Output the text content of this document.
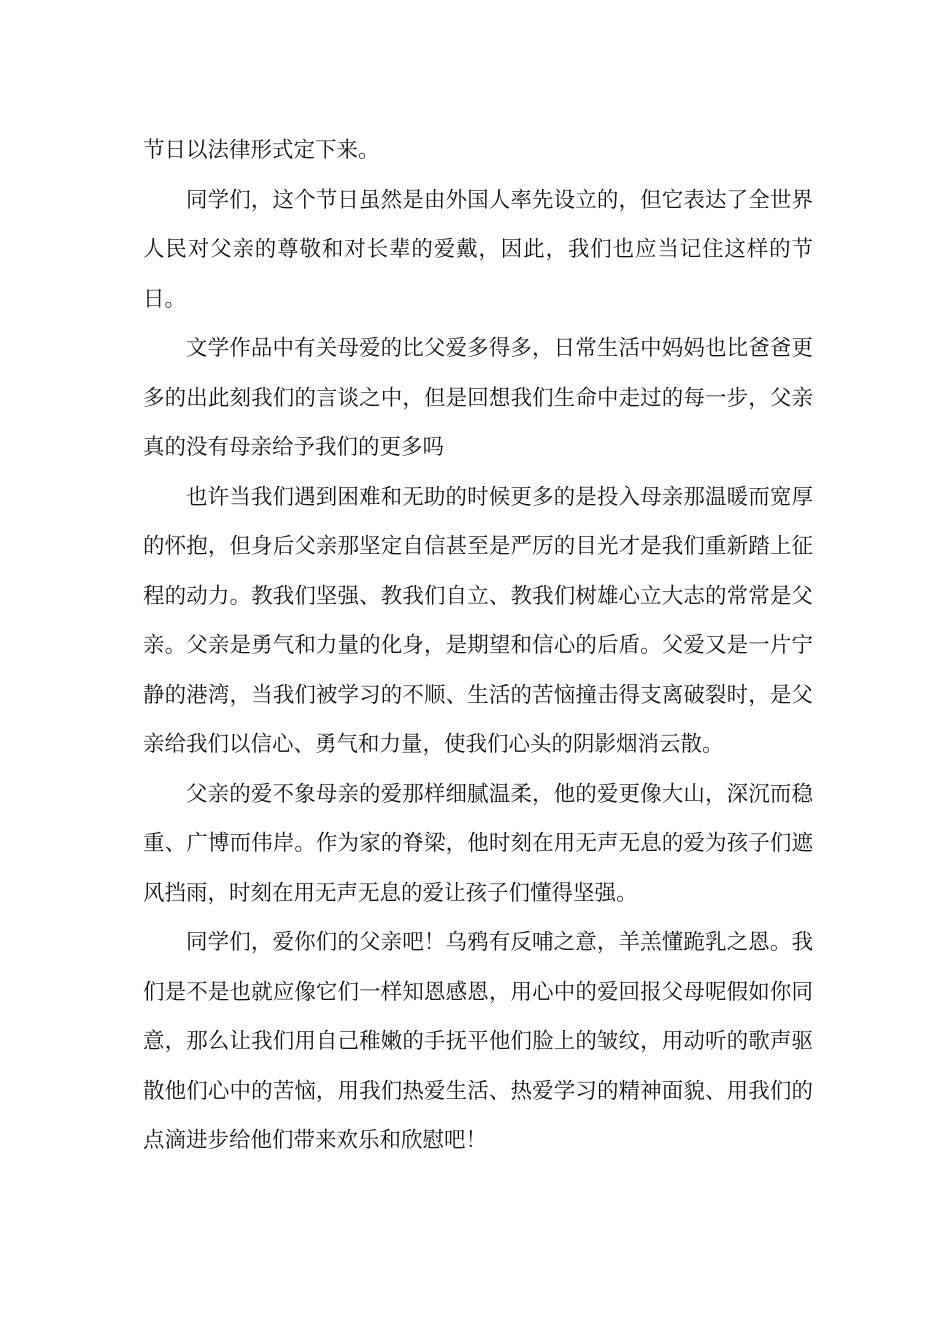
节日以法律形式定下来。

同学们，这个节日虽然是由外国人率先设立的，但它表达了全世界人民对父亲的尊敬和对长辈的爱戴，因此，我们也应当记住这样的节日。

文学作品中有关母爱的比父爱多得多，日常生活中妈妈也比爸爸更多的出此刻我们的言谈之中，但是回想我们生命中走过的每一步，父亲真的没有母亲给予我们的更多吗

也许当我们遇到困难和无助的时候更多的是投入母亲那温暖而宽厚的怀抱，但身后父亲那坚定自信甚至是严厉的目光才是我们重新踏上征程的动力。教我们坚强、教我们自立、教我们树雄心立大志的常常是父亲。父亲是勇气和力量的化身，是期望和信心的后盾。父爱又是一片宁静的港湾，当我们被学习的不顺、生活的苦恼撞击得支离破裂时，是父亲给我们以信心、勇气和力量，使我们心头的阴影烟消云散。

父亲的爱不象母亲的爱那样细腻温柔，他的爱更像大山，深沉而稳重、广博而伟岸。作为家的脊梁，他时刻在用无声无息的爱为孩子们遮风挡雨，时刻在用无声无息的爱让孩子们懂得坚强。

同学们，爱你们的父亲吧！乌鸦有反哺之意，羊羔懂跪乳之恩。我们是不是也就应像它们一样知恩感恩，用心中的爱回报父母呢假如你同意，那么让我们用自己稚嫩的手抚平他们脸上的皱纹，用动听的歌声驱散他们心中的苦恼，用我们热爱生活、热爱学习的精神面貌、用我们的点滴进步给他们带来欢乐和欣慰吧！
